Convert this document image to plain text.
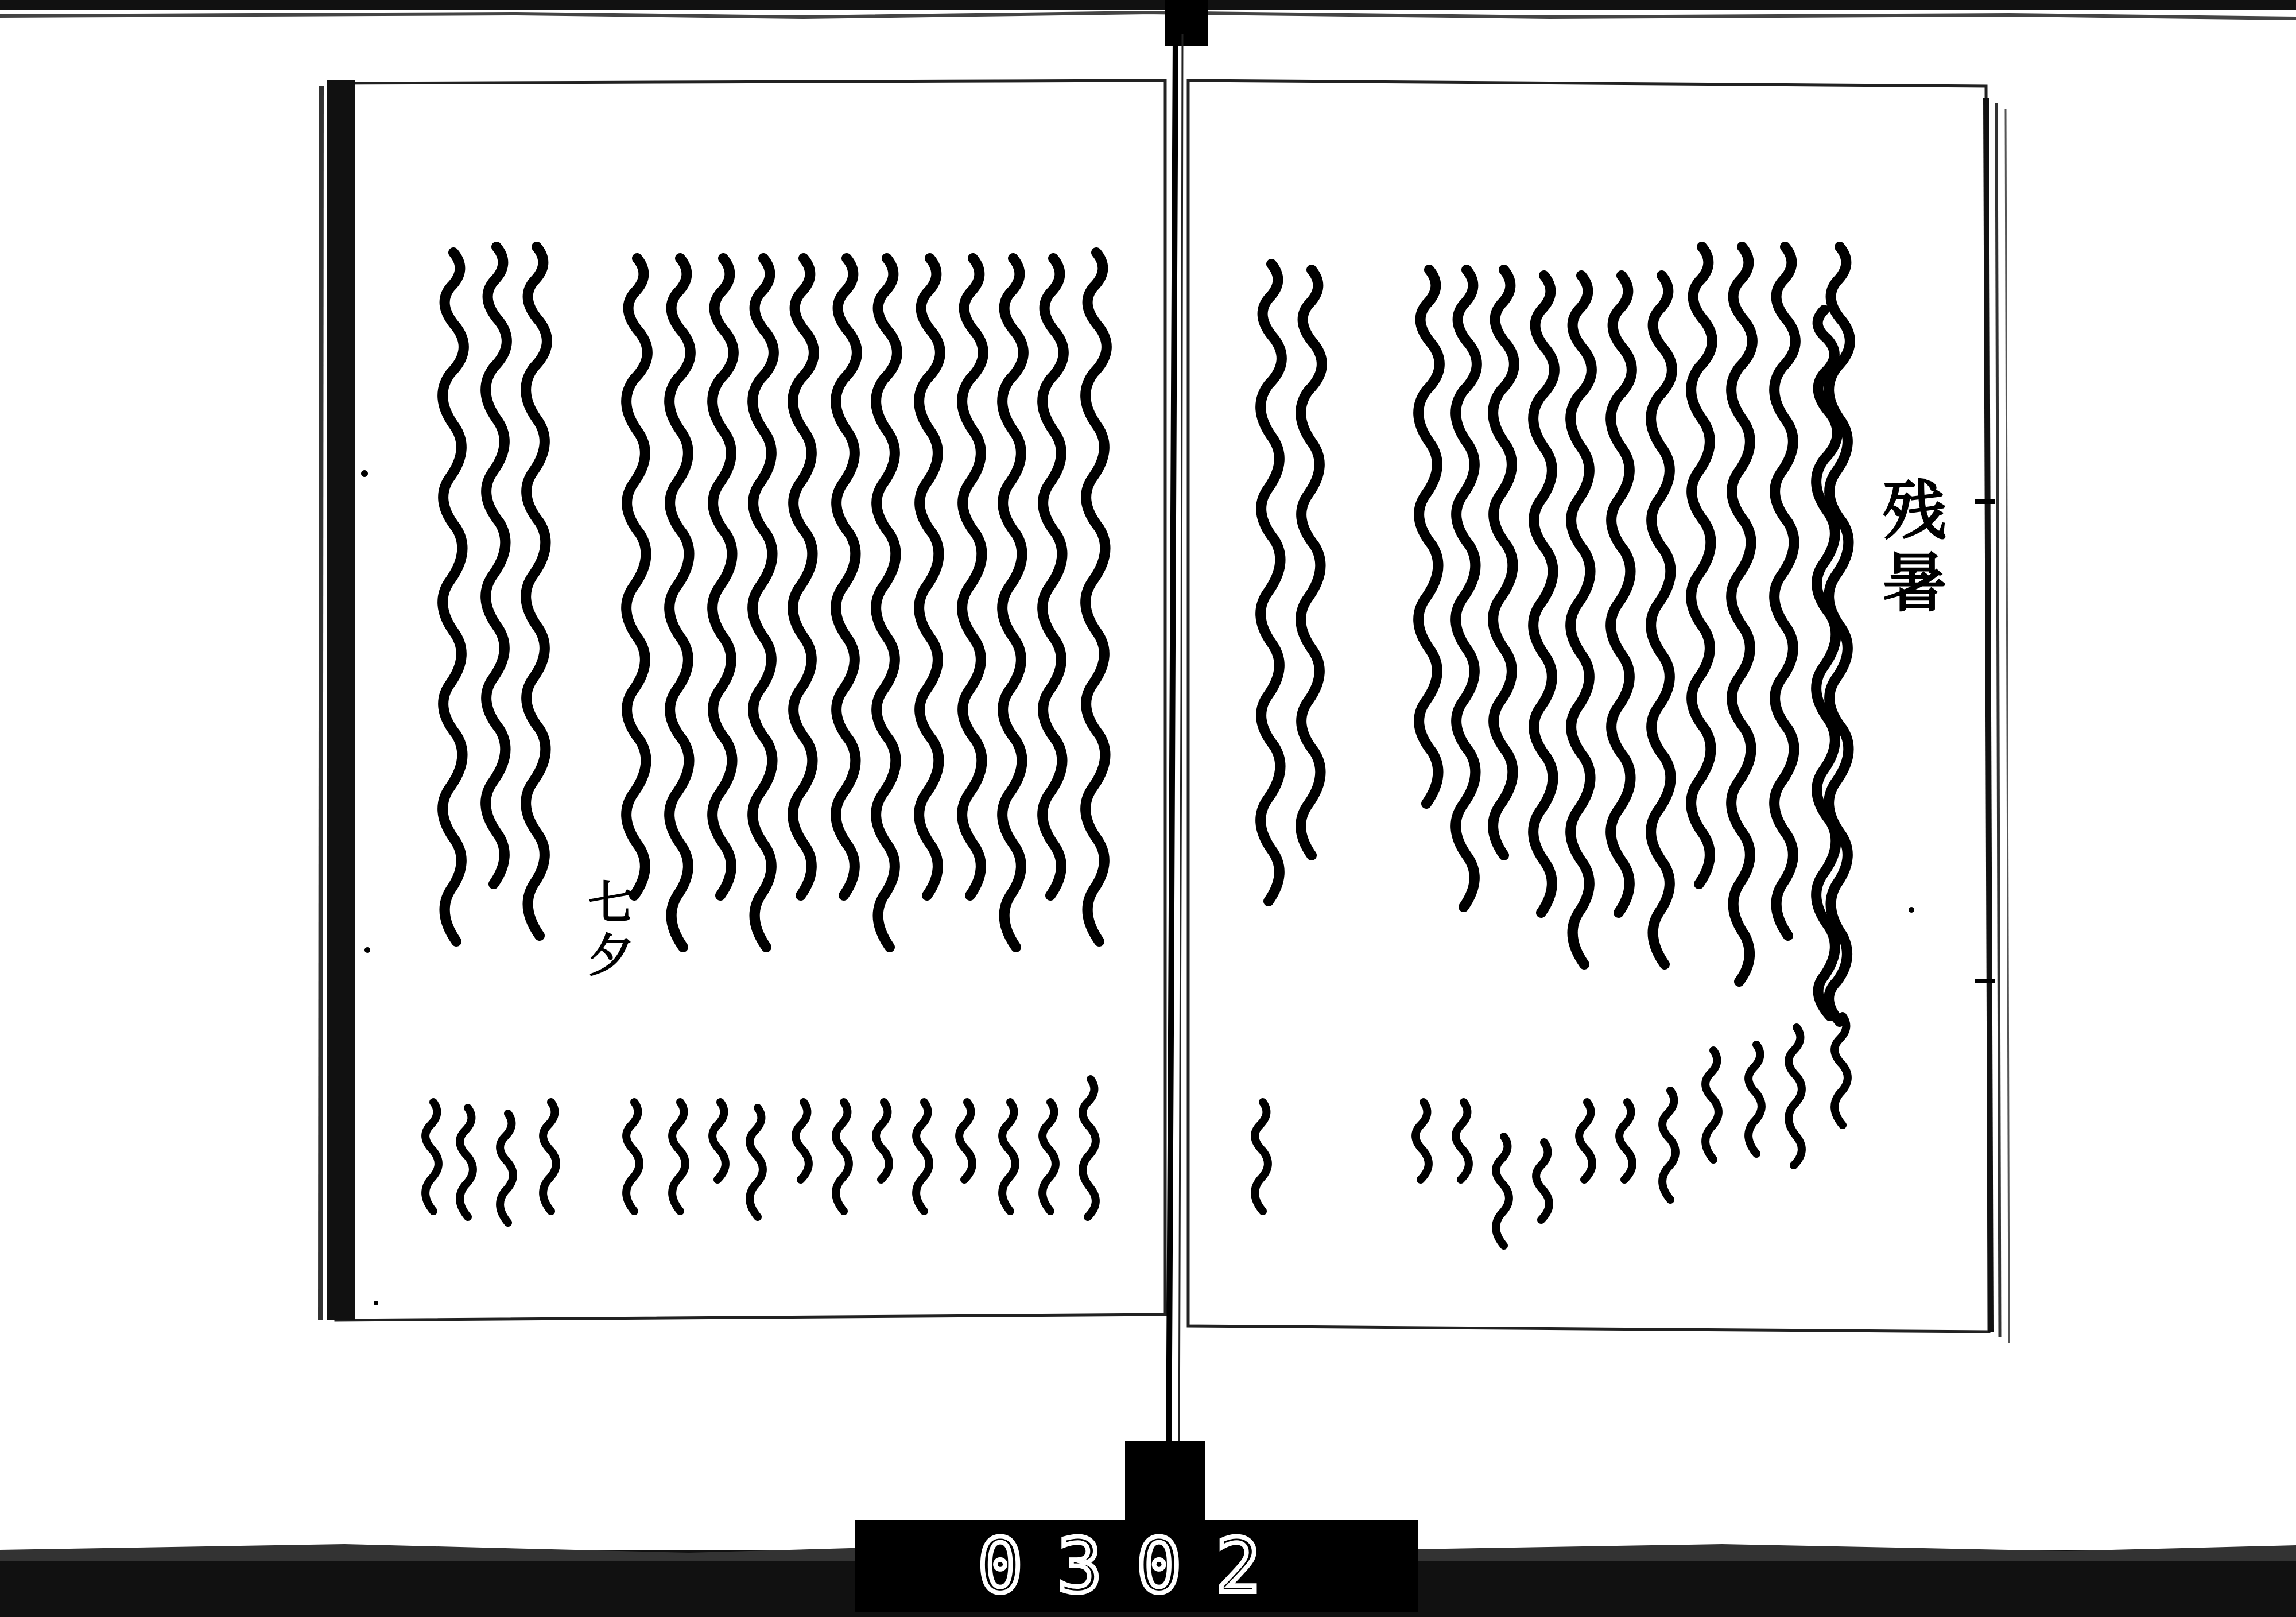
残暑
七夕
0302
